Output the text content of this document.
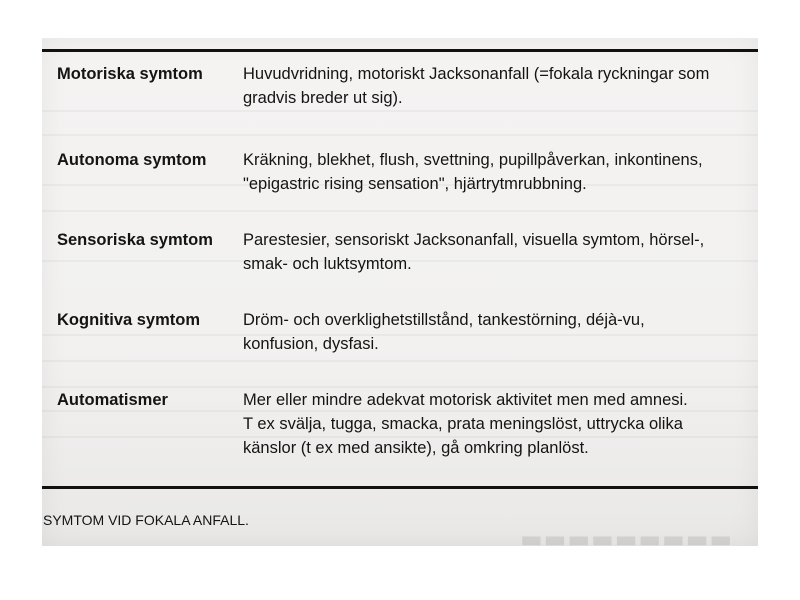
▬▬▬▬▬▬▬▬▬
Motoriska symtom Huvudvridning, motoriskt Jacksonanfall (=fokala ryckningar som
gradvis breder ut sig).
Autonoma symtom Kräkning, blekhet, flush, svettning, pupillpåverkan, inkontinens,
"epigastric rising sensation", hjärtrytmrubbning.
Sensoriska symtom Parestesier, sensoriskt Jacksonanfall, visuella symtom, hörsel-,
smak- och luktsymtom.
Kognitiva symtom	Dröm- och overklighetstillstånd, tankestörning, déjà-vu,
konfusion, dysfasi.
Automatismer	Mer eller mindre adekvat motorisk aktivitet men med amnesi.
T ex svälja, tugga, smacka, prata meningslöst, uttrycka olika
känslor (t ex med ansikte), gå omkring planlöst.
SYMTOM VID FOKALA ANFALL.
